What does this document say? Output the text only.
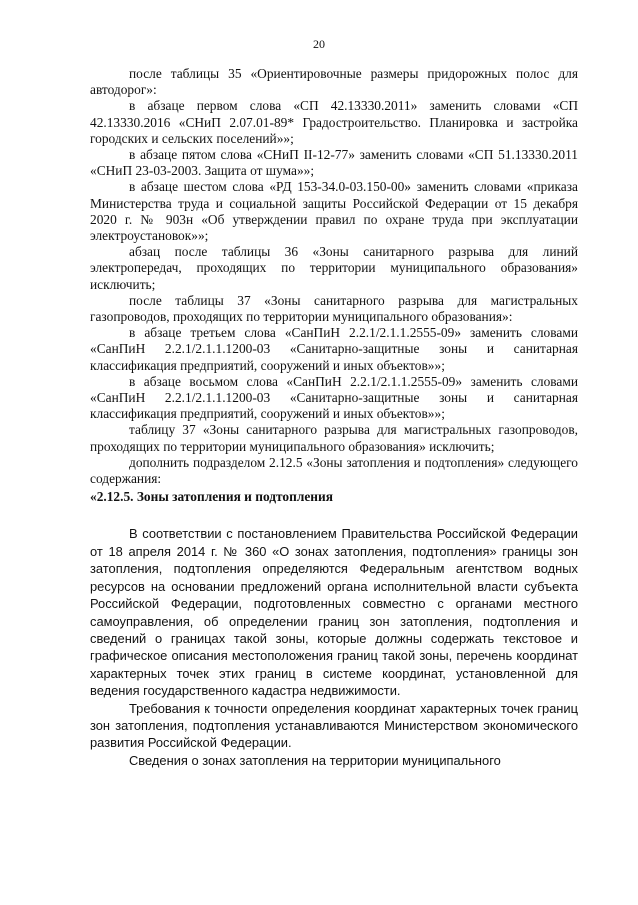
20

после таблицы 35 «Ориентировочные размеры придорожных полос для автодорог»:

в абзаце первом слова «СП 42.13330.2011» заменить словами «СП 42.13330.2016 «СНиП 2.07.01-89* Градостроительство. Планировка и застройка городских и сельских поселений»»;

в абзаце пятом слова «СНиП II-12-77» заменить словами «СП 51.13330.2011 «СНиП 23-03-2003. Защита от шума»»;

в абзаце шестом слова «РД 153-34.0-03.150-00» заменить словами «приказа Министерства труда и социальной защиты Российской Федерации от 15 декабря 2020 г. № 903н «Об утверждении правил по охране труда при эксплуатации электроустановок»»;

абзац после таблицы 36 «Зоны санитарного разрыва для линий электропередач, проходящих по территории муниципального образования» исключить;

после таблицы 37 «Зоны санитарного разрыва для магистральных газопроводов, проходящих по территории муниципального образования»:

в абзаце третьем слова «СанПиН 2.2.1/2.1.1.2555-09» заменить словами «СанПиН 2.2.1/2.1.1.1200-03 «Санитарно-защитные зоны и санитарная классификация предприятий, сооружений и иных объектов»»;

в абзаце восьмом слова «СанПиН 2.2.1/2.1.1.2555-09» заменить словами «СанПиН 2.2.1/2.1.1.1200-03 «Санитарно-защитные зоны и санитарная классификация предприятий, сооружений и иных объектов»»;

таблицу 37 «Зоны санитарного разрыва для магистральных газопроводов, проходящих по территории муниципального образования» исключить;

дополнить подразделом 2.12.5 «Зоны затопления и подтопления» следующего содержания:

«2.12.5. Зоны затопления и подтопления

В соответствии с постановлением Правительства Российской Федерации от 18 апреля 2014 г. № 360 «О зонах затопления, подтопления» границы зон затопления, подтопления определяются Федеральным агентством водных ресурсов на основании предложений органа исполнительной власти субъекта Российской Федерации, подготовленных совместно с органами местного самоуправления, об определении границ зон затопления, подтопления и сведений о границах такой зоны, которые должны содержать текстовое и графическое описания местоположения границ такой зоны, перечень координат характерных точек этих границ в системе координат, установленной для ведения государственного кадастра недвижимости.

Требования к точности определения координат характерных точек границ зон затопления, подтопления устанавливаются Министерством экономического развития Российской Федерации.

Сведения о зонах затопления на территории муниципального
